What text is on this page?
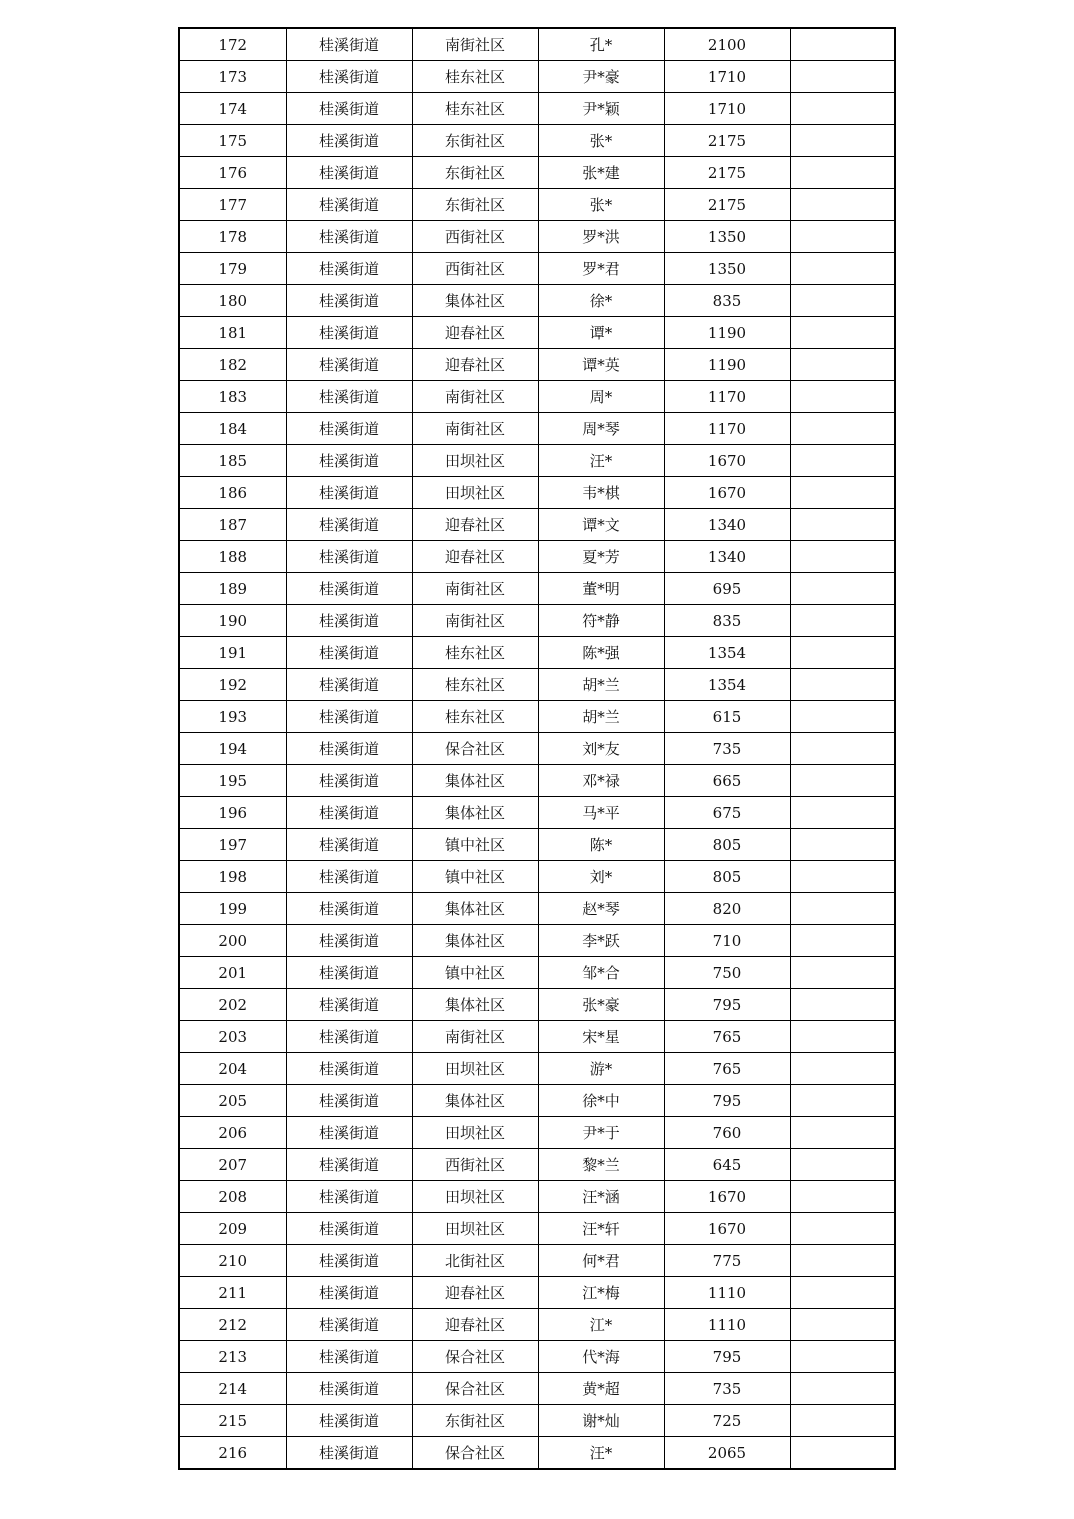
172	桂溪街道	南街社区	孔*	2100	
173	桂溪街道	桂东社区	尹*豪	1710	
174	桂溪街道	桂东社区	尹*颖	1710	
175	桂溪街道	东街社区	张*	2175	
176	桂溪街道	东街社区	张*建	2175	
177	桂溪街道	东街社区	张*	2175	
178	桂溪街道	西街社区	罗*洪	1350	
179	桂溪街道	西街社区	罗*君	1350	
180	桂溪街道	集体社区	徐*	835	
181	桂溪街道	迎春社区	谭*	1190	
182	桂溪街道	迎春社区	谭*英	1190	
183	桂溪街道	南街社区	周*	1170	
184	桂溪街道	南街社区	周*琴	1170	
185	桂溪街道	田坝社区	汪*	1670	
186	桂溪街道	田坝社区	韦*棋	1670	
187	桂溪街道	迎春社区	谭*文	1340	
188	桂溪街道	迎春社区	夏*芳	1340	
189	桂溪街道	南街社区	董*明	695	
190	桂溪街道	南街社区	符*静	835	
191	桂溪街道	桂东社区	陈*强	1354	
192	桂溪街道	桂东社区	胡*兰	1354	
193	桂溪街道	桂东社区	胡*兰	615	
194	桂溪街道	保合社区	刘*友	735	
195	桂溪街道	集体社区	邓*禄	665	
196	桂溪街道	集体社区	马*平	675	
197	桂溪街道	镇中社区	陈*	805	
198	桂溪街道	镇中社区	刘*	805	
199	桂溪街道	集体社区	赵*琴	820	
200	桂溪街道	集体社区	李*跃	710	
201	桂溪街道	镇中社区	邹*合	750	
202	桂溪街道	集体社区	张*豪	795	
203	桂溪街道	南街社区	宋*星	765	
204	桂溪街道	田坝社区	游*	765	
205	桂溪街道	集体社区	徐*中	795	
206	桂溪街道	田坝社区	尹*于	760	
207	桂溪街道	西街社区	黎*兰	645	
208	桂溪街道	田坝社区	汪*涵	1670	
209	桂溪街道	田坝社区	汪*轩	1670	
210	桂溪街道	北街社区	何*君	775	
211	桂溪街道	迎春社区	江*梅	1110	
212	桂溪街道	迎春社区	江*	1110	
213	桂溪街道	保合社区	代*海	795	
214	桂溪街道	保合社区	黄*超	735	
215	桂溪街道	东街社区	谢*灿	725	
216	桂溪街道	保合社区	汪*	2065	
